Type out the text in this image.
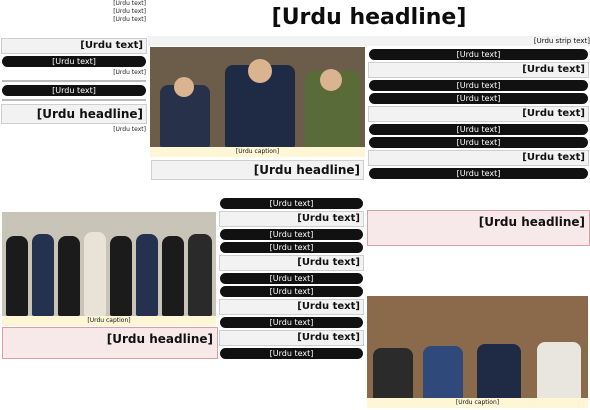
[Urdu text]
[Urdu text]
[Urdu text]	[Urdu headline]
[Urdu strip text]
[Urdu text]
[Urdu text]
[Urdu text]
[Urdu text]
[Urdu headline]
[Urdu text]
[Urdu caption]
[Urdu headline]
[Urdu text]
[Urdu text]
[Urdu text]
[Urdu text]
[Urdu text]
[Urdu text]
[Urdu text]
[Urdu text]
[Urdu text]
[Urdu headline]
[Urdu caption]
[Urdu headline]
[Urdu text]
[Urdu text]
[Urdu text]
[Urdu text]
[Urdu text]
[Urdu text]
[Urdu text]
[Urdu text]
[Urdu text]
[Urdu text]
[Urdu text]
[Urdu caption]
